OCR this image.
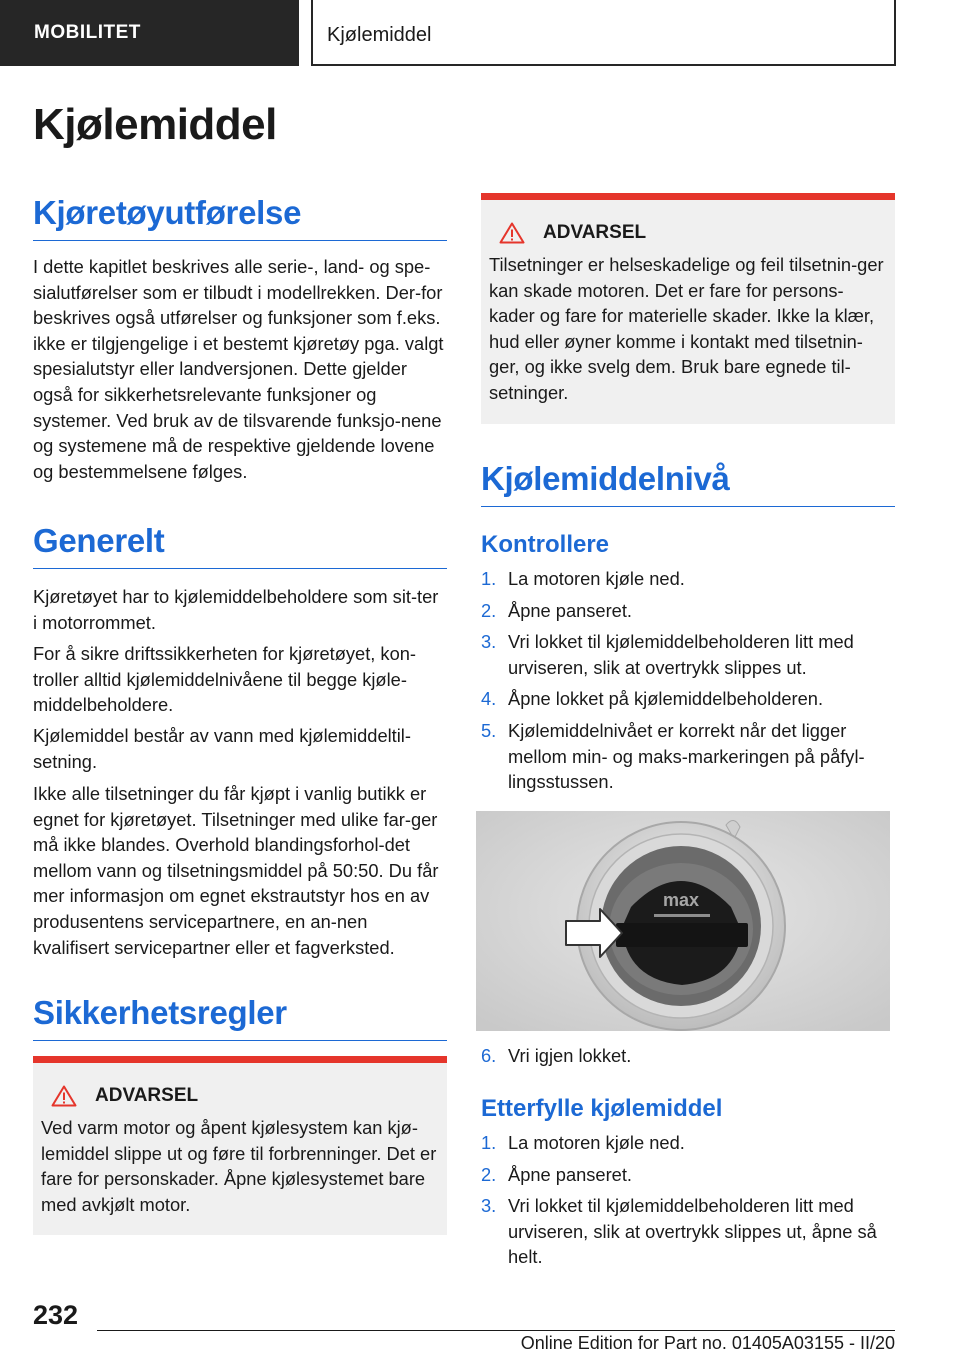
MOBILITET	Kjølemiddel
Kjølemiddel
Kjøretøyutførelse

I dette kapitlet beskrives alle serie-, land- og spe-sialutførelser som er tilbudt i modellrekken. Der-for beskrives også utførelser og funksjoner som f.eks. ikke er tilgjengelige i et bestemt kjøretøy pga. valgt spesialutstyr eller landversjonen. Dette gjelder også for sikkerhetsrelevante funksjoner og systemer. Ved bruk av de tilsvarende funksjo-nene og systemene må de respektive gjeldende lovene og bestemmelsene følges.

Generelt

Kjøretøyet har to kjølemiddelbeholdere som sit-ter i motorrommet.

For å sikre driftssikkerheten for kjøretøyet, kon-troller alltid kjølemiddelnivåene til begge kjøle-middelbeholdere.

Kjølemiddel består av vann med kjølemiddeltil-setning.

Ikke alle tilsetninger du får kjøpt i vanlig butikk er egnet for kjøretøyet. Tilsetninger med ulike far-ger må ikke blandes. Overhold blandingsforhol-det mellom vann og tilsetningsmiddel på 50:50. Du får mer informasjon om egnet ekstrautstyr hos en av produsentens servicepartnere, en an-nen kvalifisert servicepartner eller et fagverksted.

Sikkerhetsregler
ADVARSEL

Ved varm motor og åpent kjølesystem kan kjø-lemiddel slippe ut og føre til forbrenninger. Det er fare for personskader. Åpne kjølesystemet bare med avkjølt motor.

ADVARSEL

Tilsetninger er helseskadelige og feil tilsetnin-ger kan skade motoren. Det er fare for persons-kader og fare for materielle skader. Ikke la klær, hud eller øyner komme i kontakt med tilsetnin-ger, og ikke svelg dem. Bruk bare egnede til-setninger.

Kjølemiddelnivå
Kontrollere
1. La motoren kjøle ned.
2. Åpne panseret.
3. Vri lokket til kjølemiddelbeholderen litt med urviseren, slik at overtrykk slippes ut.
4. Åpne lokket på kjølemiddelbeholderen.
5. Kjølemiddelnivået er korrekt når det ligger mellom min- og maks-markeringen på påfyl-lingsstussen.
6. Vri igjen lokket.
Etterfylle kjølemiddel
1. La motoren kjøle ned.
2. Åpne panseret.
3. Vri lokket til kjølemiddelbeholderen litt med urviseren, slik at overtrykk slippes ut, åpne så helt.
max
232
Online Edition for Part no. 01405A03155 - II/20
